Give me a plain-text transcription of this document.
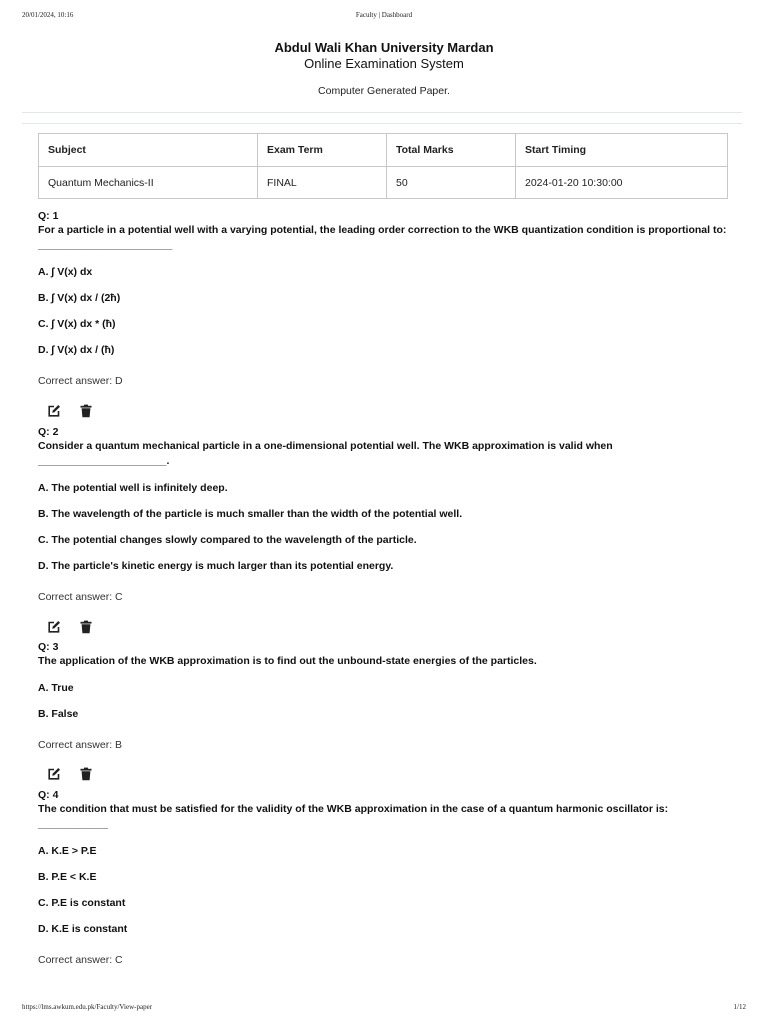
20/01/2024, 10:16	Faculty | Dashboard
Abdul Wali Khan University Mardan
Online Examination System
Computer Generated Paper.
Subject	Exam Term	Total Marks	Start Timing
Quantum Mechanics-II	FINAL	50	2024-01-20 10:30:00
Q: 1
For a particle in a potential well with a varying potential, the leading order correction to the WKB quantization condition is proportional to: _______________________
A. ∫ V(x) dx
B. ∫ V(x) dx / (2ħ)
C. ∫ V(x) dx * (ħ)
D. ∫ V(x) dx / (ħ)
Correct answer: D
Q: 2
Consider a quantum mechanical particle in a one-dimensional potential well. The WKB approximation is valid when ______________________.
A. The potential well is infinitely deep.
B. The wavelength of the particle is much smaller than the width of the potential well.
C. The potential changes slowly compared to the wavelength of the particle.
D. The particle's kinetic energy is much larger than its potential energy.
Correct answer: C
Q: 3
The application of the WKB approximation is to find out the unbound-state energies of the particles.
A. True
B. False
Correct answer: B
Q: 4
The condition that must be satisfied for the validity of the WKB approximation in the case of a quantum harmonic oscillator is: ____________
A. K.E > P.E
B. P.E < K.E
C. P.E is constant
D. K.E is constant
Correct answer: C
https://lms.awkum.edu.pk/Faculty/View-paper	1/12
